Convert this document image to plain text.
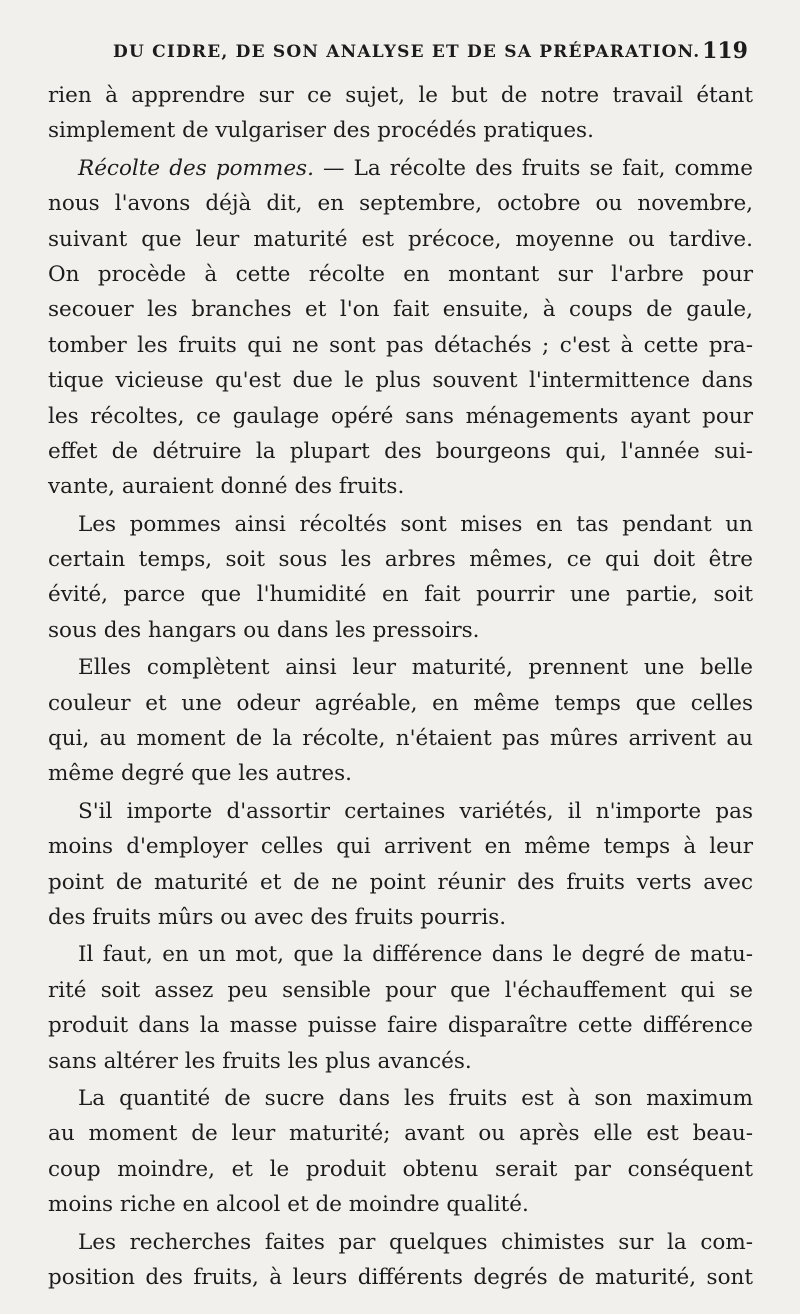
DU CIDRE, DE SON ANALYSE ET DE SA PRÉPARATION. 119
rien à apprendre sur ce sujet, le but de notre travail étant
simplement de vulgariser des procédés pratiques.
Récolte des pommes. — La récolte des fruits se fait, comme
nous l'avons déjà dit, en septembre, octobre ou novembre,
suivant que leur maturité est précoce, moyenne ou tardive.
On procède à cette récolte en montant sur l'arbre pour
secouer les branches et l'on fait ensuite, à coups de gaule,
tomber les fruits qui ne sont pas détachés ; c'est à cette pra-
tique vicieuse qu'est due le plus souvent l'intermittence dans
les récoltes, ce gaulage opéré sans ménagements ayant pour
effet de détruire la plupart des bourgeons qui, l'année sui-
vante, auraient donné des fruits.
Les pommes ainsi récoltés sont mises en tas pendant un
certain temps, soit sous les arbres mêmes, ce qui doit être
évité, parce que l'humidité en fait pourrir une partie, soit
sous des hangars ou dans les pressoirs.
Elles complètent ainsi leur maturité, prennent une belle
couleur et une odeur agréable, en même temps que celles
qui, au moment de la récolte, n'étaient pas mûres arrivent au
même degré que les autres.
S'il importe d'assortir certaines variétés, il n'importe pas
moins d'employer celles qui arrivent en même temps à leur
point de maturité et de ne point réunir des fruits verts avec
des fruits mûrs ou avec des fruits pourris.
Il faut, en un mot, que la différence dans le degré de matu-
rité soit assez peu sensible pour que l'échauffement qui se
produit dans la masse puisse faire disparaître cette différence
sans altérer les fruits les plus avancés.
La quantité de sucre dans les fruits est à son maximum
au moment de leur maturité; avant ou après elle est beau-
coup moindre, et le produit obtenu serait par conséquent
moins riche en alcool et de moindre qualité.
Les recherches faites par quelques chimistes sur la com-
position des fruits, à leurs différents degrés de maturité, sont
